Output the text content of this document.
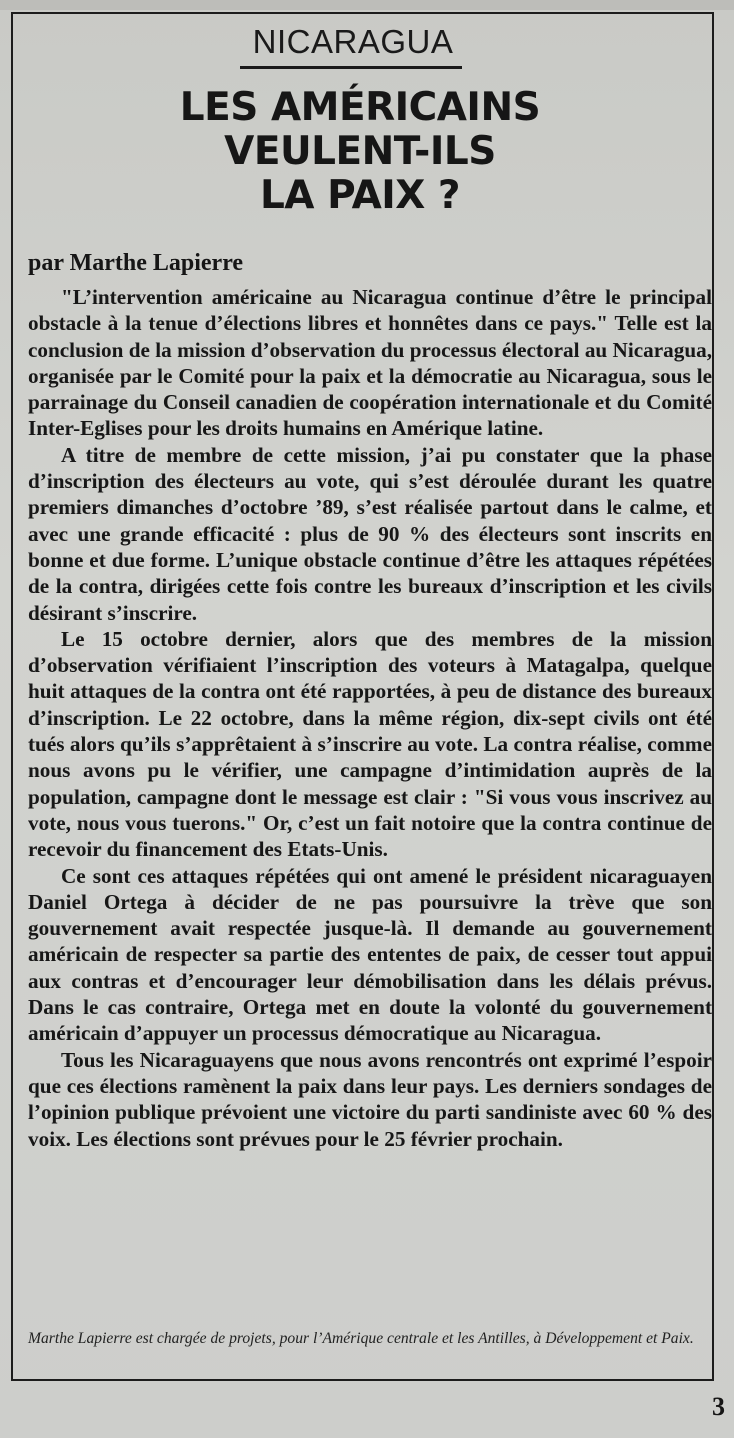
NICARAGUA
LES AMÉRICAINS
VEULENT-ILS
LA PAIX ?
par Marthe Lapierre

"L’intervention américaine au Nicaragua continue d’être le principal obstacle à la tenue d’élections libres et honnêtes dans ce pays." Telle est la conclusion de la mission d’observation du processus électoral au Nicaragua, organisée par le Comité pour la paix et la démocratie au Nicaragua, sous le parrainage du Conseil canadien de coopération internationale et du Comité Inter-Eglises pour les droits humains en Amérique latine.

A titre de membre de cette mission, j’ai pu constater que la phase d’inscription des électeurs au vote, qui s’est déroulée durant les quatre premiers dimanches d’octobre ’89, s’est réalisée partout dans le calme, et avec une grande efficacité : plus de 90 % des électeurs sont inscrits en bonne et due forme. L’unique obstacle continue d’être les attaques répétées de la contra, dirigées cette fois contre les bureaux d’inscription et les civils désirant s’inscrire.

Le 15 octobre dernier, alors que des membres de la mission d’observation vérifiaient l’inscription des voteurs à Matagalpa, quelque huit attaques de la contra ont été rapportées, à peu de distance des bureaux d’inscription. Le 22 octobre, dans la même région, dix-sept civils ont été tués alors qu’ils s’apprêtaient à s’inscrire au vote. La contra réalise, comme nous avons pu le vérifier, une campagne d’intimidation auprès de la population, campagne dont le message est clair : "Si vous vous inscrivez au vote, nous vous tuerons." Or, c’est un fait notoire que la contra continue de recevoir du financement des Etats-Unis.

Ce sont ces attaques répétées qui ont amené le président nicaraguayen Daniel Ortega à décider de ne pas poursuivre la trève que son gouvernement avait respectée jusque-là. Il demande au gouvernement américain de respecter sa partie des ententes de paix, de cesser tout appui aux contras et d’encourager leur démobilisation dans les délais prévus. Dans le cas contraire, Ortega met en doute la volonté du gouvernement américain d’appuyer un processus démocratique au Nicaragua.

Tous les Nicaraguayens que nous avons rencontrés ont exprimé l’espoir que ces élections ramènent la paix dans leur pays. Les derniers sondages de l’opinion publique prévoient une victoire du parti sandiniste avec 60 % des voix. Les élections sont prévues pour le 25 février prochain.

Marthe Lapierre est chargée de projets, pour l’Amérique centrale et les Antilles, à Développement et Paix.
3
